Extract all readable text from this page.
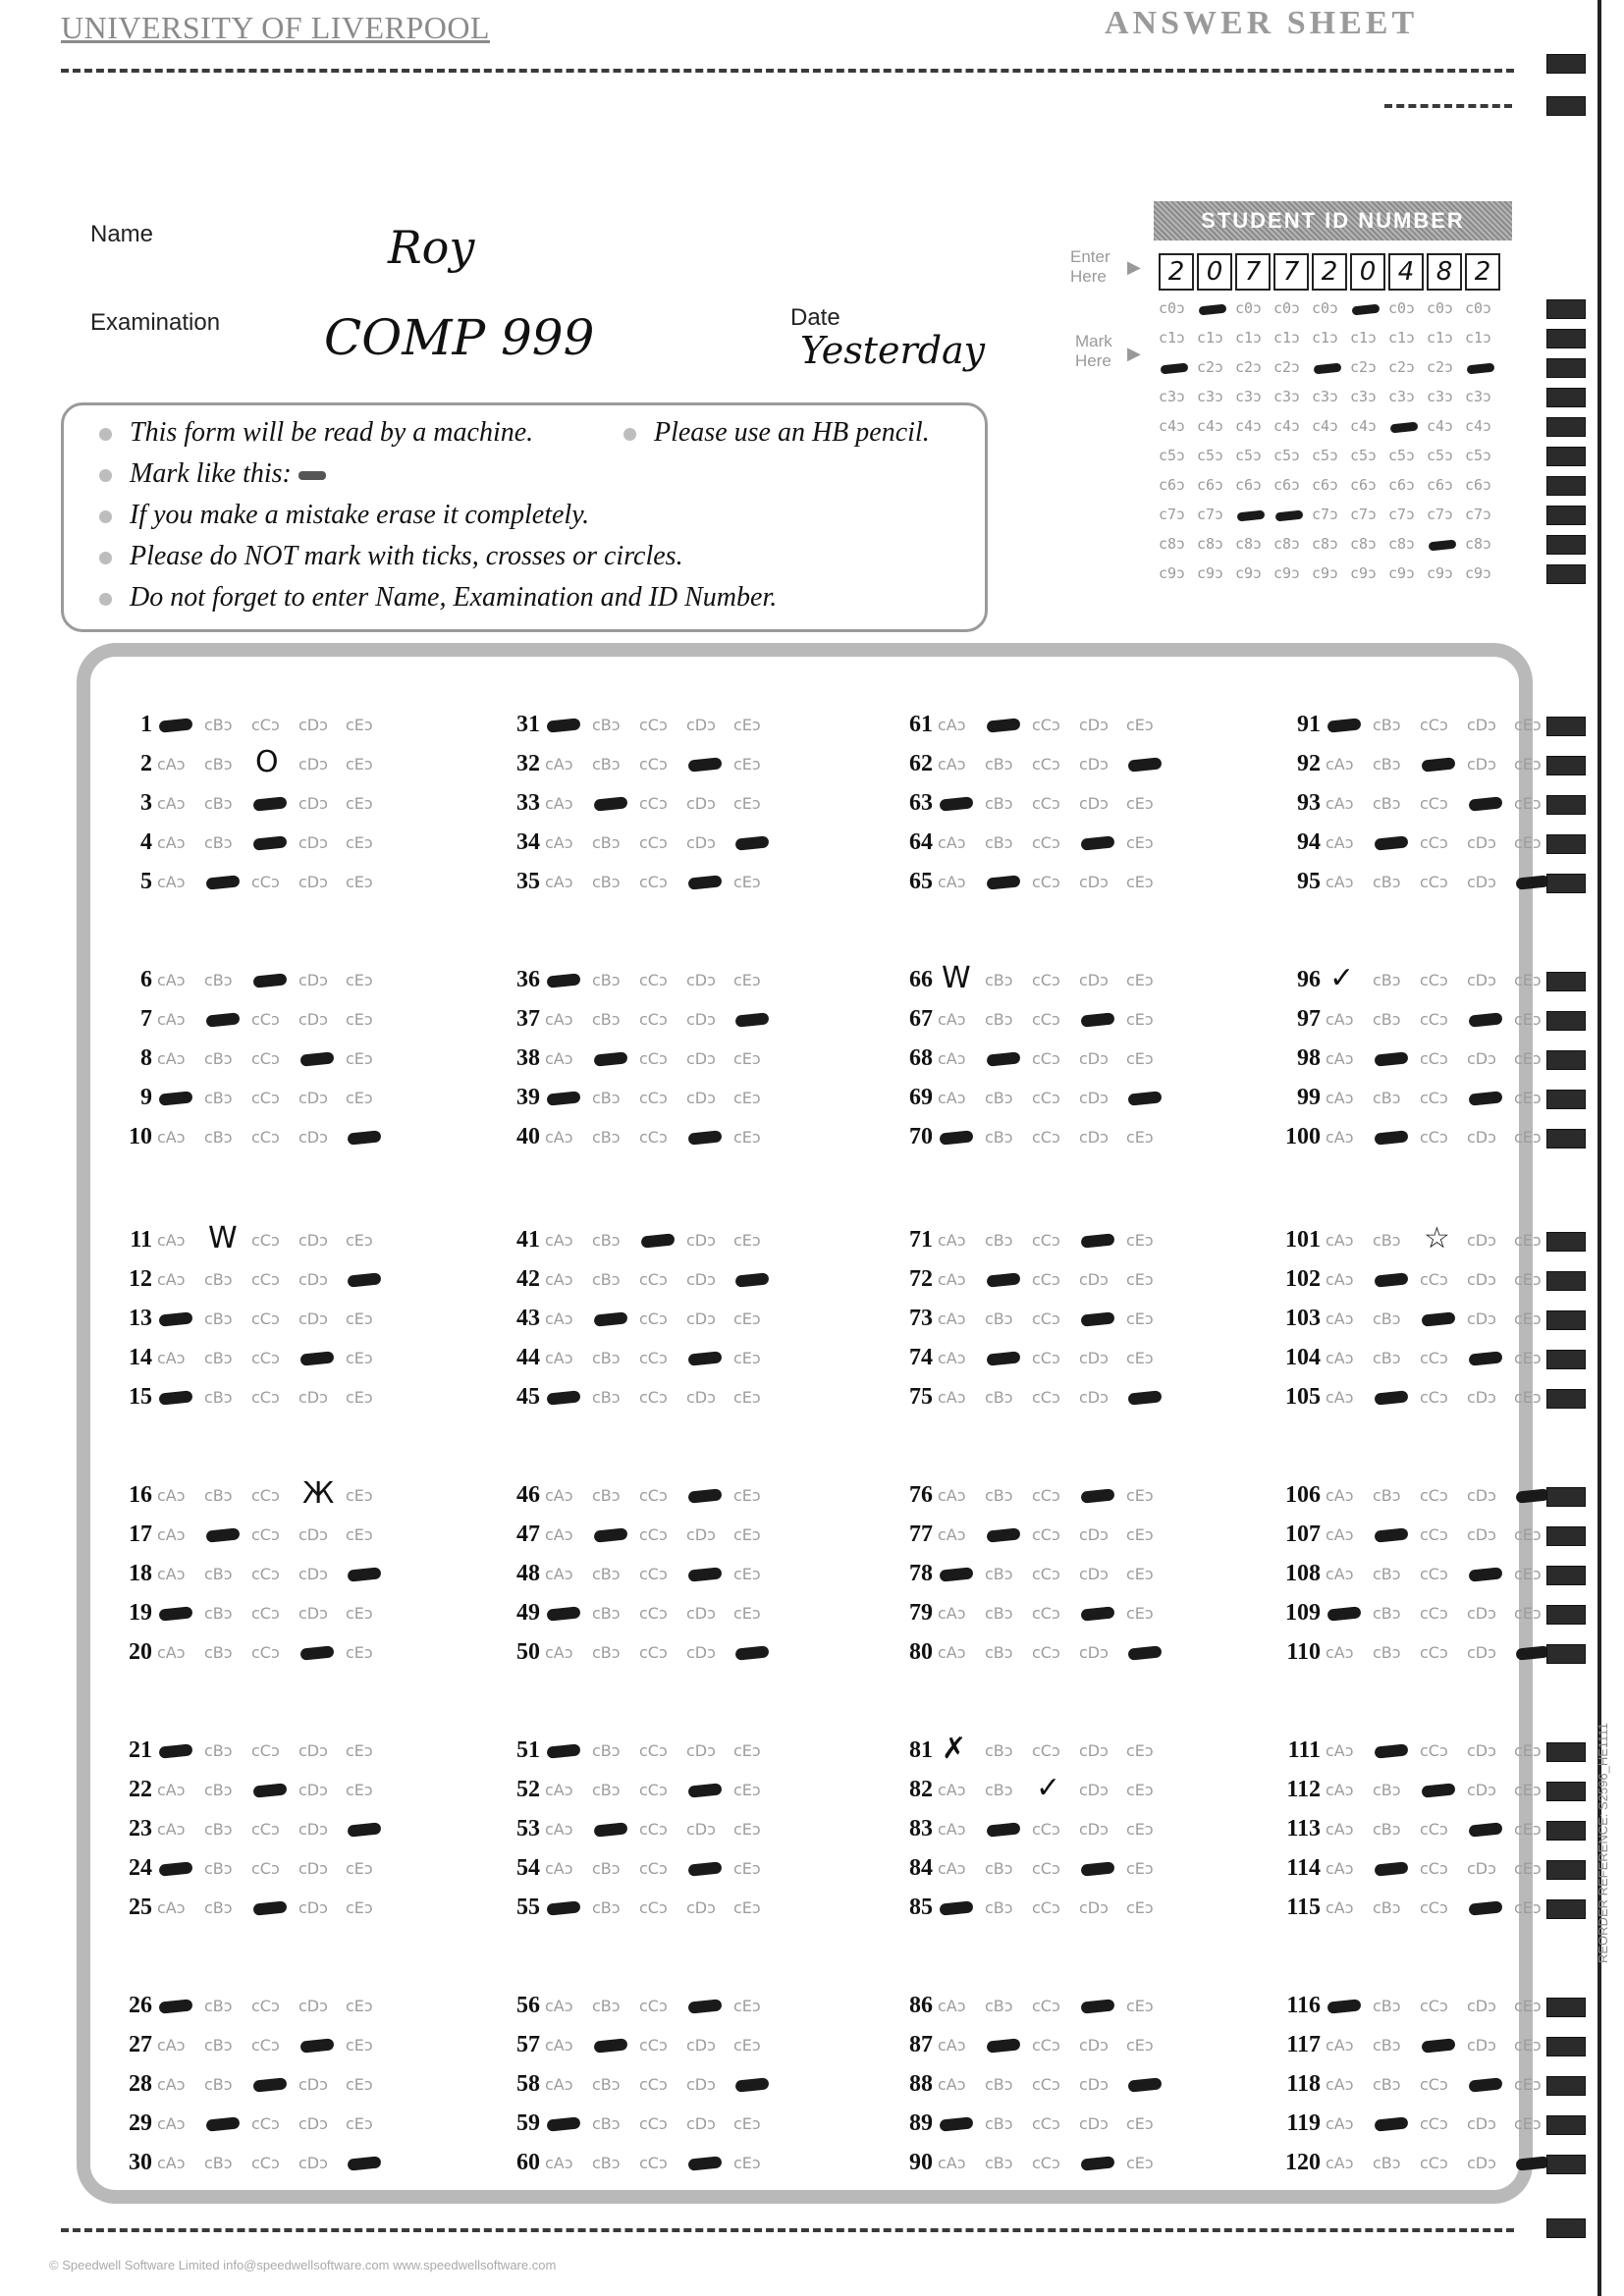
UNIVERSITY OF LIVERPOOL	ANSWER SHEET
Name	Roy
Examination COMP 999	Date
Yesterday
STUDENT ID NUMBER
Enter
Here ▶
Mark
Here ▶
2 0 7 7 2 0 4 8 2
c0ɔ	c0ɔ c0ɔ c0ɔ	c0ɔ c0ɔ c0ɔ
c1ɔ c1ɔ c1ɔ c1ɔ c1ɔ c1ɔ c1ɔ c1ɔ c1ɔ
c2ɔ c2ɔ c2ɔ	c2ɔ c2ɔ c2ɔ
c3ɔ c3ɔ c3ɔ c3ɔ c3ɔ c3ɔ c3ɔ c3ɔ c3ɔ
c4ɔ c4ɔ c4ɔ c4ɔ c4ɔ c4ɔ	c4ɔ c4ɔ
c5ɔ c5ɔ c5ɔ c5ɔ c5ɔ c5ɔ c5ɔ c5ɔ c5ɔ
c6ɔ c6ɔ c6ɔ c6ɔ c6ɔ c6ɔ c6ɔ c6ɔ c6ɔ
c7ɔ c7ɔ	c7ɔ c7ɔ c7ɔ c7ɔ c7ɔ
c8ɔ c8ɔ c8ɔ c8ɔ c8ɔ c8ɔ c8ɔ	c8ɔ
c9ɔ c9ɔ c9ɔ c9ɔ c9ɔ c9ɔ c9ɔ c9ɔ c9ɔ
This form will be read by a machine.	Please use an HB pencil.
Mark like this:
If you make a mistake erase it completely.
Please do NOT mark with ticks, crosses or circles.
Do not forget to enter Name, Examination and ID Number.
1	cBɔ cCɔ cDɔ cEɔ
2 cAɔ cBɔ O cDɔ cEɔ
3 cAɔ cBɔ	cDɔ cEɔ
4 cAɔ cBɔ	cDɔ cEɔ
5 cAɔ	cCɔ cDɔ cEɔ
6 cAɔ cBɔ	cDɔ cEɔ
7 cAɔ	cCɔ cDɔ cEɔ
8 cAɔ cBɔ cCɔ	cEɔ
9	cBɔ cCɔ cDɔ cEɔ
10 cAɔ cBɔ cCɔ cDɔ
11 cAɔ W cCɔ cDɔ cEɔ
12 cAɔ cBɔ cCɔ cDɔ
13	cBɔ cCɔ cDɔ cEɔ
14 cAɔ cBɔ cCɔ	cEɔ
15	cBɔ cCɔ cDɔ cEɔ
16 cAɔ cBɔ cCɔ Ж cEɔ
17 cAɔ	cCɔ cDɔ cEɔ
18 cAɔ cBɔ cCɔ cDɔ
19	cBɔ cCɔ cDɔ cEɔ
20 cAɔ cBɔ cCɔ	cEɔ
21	cBɔ cCɔ cDɔ cEɔ
22 cAɔ cBɔ	cDɔ cEɔ
23 cAɔ cBɔ cCɔ cDɔ
24	cBɔ cCɔ cDɔ cEɔ
25 cAɔ cBɔ	cDɔ cEɔ
26	cBɔ cCɔ cDɔ cEɔ
27 cAɔ cBɔ cCɔ	cEɔ
28 cAɔ cBɔ	cDɔ cEɔ
29 cAɔ	cCɔ cDɔ cEɔ
30 cAɔ cBɔ cCɔ cDɔ
31	cBɔ cCɔ cDɔ cEɔ
32 cAɔ cBɔ cCɔ	cEɔ
33 cAɔ	cCɔ cDɔ cEɔ
34 cAɔ cBɔ cCɔ cDɔ
35 cAɔ cBɔ cCɔ	cEɔ
36	cBɔ cCɔ cDɔ cEɔ
37 cAɔ cBɔ cCɔ cDɔ
38 cAɔ	cCɔ cDɔ cEɔ
39	cBɔ cCɔ cDɔ cEɔ
40 cAɔ cBɔ cCɔ	cEɔ
41 cAɔ cBɔ	cDɔ cEɔ
42 cAɔ cBɔ cCɔ cDɔ
43 cAɔ	cCɔ cDɔ cEɔ
44 cAɔ cBɔ cCɔ	cEɔ
45	cBɔ cCɔ cDɔ cEɔ
46 cAɔ cBɔ cCɔ	cEɔ
47 cAɔ	cCɔ cDɔ cEɔ
48 cAɔ cBɔ cCɔ	cEɔ
49	cBɔ cCɔ cDɔ cEɔ
50 cAɔ cBɔ cCɔ cDɔ
51	cBɔ cCɔ cDɔ cEɔ
52 cAɔ cBɔ cCɔ	cEɔ
53 cAɔ	cCɔ cDɔ cEɔ
54 cAɔ cBɔ cCɔ	cEɔ
55	cBɔ cCɔ cDɔ cEɔ
56 cAɔ cBɔ cCɔ	cEɔ
57 cAɔ	cCɔ cDɔ cEɔ
58 cAɔ cBɔ cCɔ cDɔ
59	cBɔ cCɔ cDɔ cEɔ
60 cAɔ cBɔ cCɔ	cEɔ
61 cAɔ	cCɔ cDɔ cEɔ
62 cAɔ cBɔ cCɔ cDɔ
63	cBɔ cCɔ cDɔ cEɔ
64 cAɔ cBɔ cCɔ	cEɔ
65 cAɔ	cCɔ cDɔ cEɔ
66 W cBɔ cCɔ cDɔ cEɔ
67 cAɔ cBɔ cCɔ	cEɔ
68 cAɔ	cCɔ cDɔ cEɔ
69 cAɔ cBɔ cCɔ cDɔ
70	cBɔ cCɔ cDɔ cEɔ
71 cAɔ cBɔ cCɔ	cEɔ
72 cAɔ	cCɔ cDɔ cEɔ
73 cAɔ cBɔ cCɔ	cEɔ
74 cAɔ	cCɔ cDɔ cEɔ
75 cAɔ cBɔ cCɔ cDɔ
76 cAɔ cBɔ cCɔ	cEɔ
77 cAɔ	cCɔ cDɔ cEɔ
78	cBɔ cCɔ cDɔ cEɔ
79 cAɔ cBɔ cCɔ	cEɔ
80 cAɔ cBɔ cCɔ cDɔ
81 ✗ cBɔ cCɔ cDɔ cEɔ
82 cAɔ cBɔ ✓ cDɔ cEɔ
83 cAɔ	cCɔ cDɔ cEɔ
84 cAɔ cBɔ cCɔ	cEɔ
85	cBɔ cCɔ cDɔ cEɔ
86 cAɔ cBɔ cCɔ	cEɔ
87 cAɔ	cCɔ cDɔ cEɔ
88 cAɔ cBɔ cCɔ cDɔ
89	cBɔ cCɔ cDɔ cEɔ
90 cAɔ cBɔ cCɔ	cEɔ
91	cBɔ cCɔ cDɔ cEɔ
92 cAɔ cBɔ	cDɔ cEɔ
93 cAɔ cBɔ cCɔ	cEɔ
94 cAɔ	cCɔ cDɔ cEɔ
95 cAɔ cBɔ cCɔ cDɔ
96 ✓ cBɔ cCɔ cDɔ cEɔ
97 cAɔ cBɔ cCɔ	cEɔ
98 cAɔ	cCɔ cDɔ cEɔ
99 cAɔ cBɔ cCɔ	cEɔ
100 cAɔ	cCɔ cDɔ cEɔ
101 cAɔ cBɔ ☆ cDɔ cEɔ
102 cAɔ	cCɔ cDɔ cEɔ
103 cAɔ cBɔ	cDɔ cEɔ
104 cAɔ cBɔ cCɔ	cEɔ
105 cAɔ	cCɔ cDɔ cEɔ
106 cAɔ cBɔ cCɔ cDɔ
107 cAɔ	cCɔ cDɔ cEɔ
108 cAɔ cBɔ cCɔ	cEɔ
109	cBɔ cCɔ cDɔ cEɔ
110 cAɔ cBɔ cCɔ cDɔ
111 cAɔ	cCɔ cDɔ cEɔ
112 cAɔ cBɔ	cDɔ cEɔ
113 cAɔ cBɔ cCɔ	cEɔ
114 cAɔ	cCɔ cDɔ cEɔ
115 cAɔ cBɔ cCɔ	cEɔ
116	cBɔ cCɔ cDɔ cEɔ
117 cAɔ cBɔ	cDɔ cEɔ
118 cAɔ cBɔ cCɔ	cEɔ
119 cAɔ	cCɔ cDɔ cEɔ
120 cAɔ cBɔ cCɔ cDɔ
© Speedwell Software Limited info@speedwellsoftware.com www.speedwellsoftware.com
REORDER REFERENCE: S2596_HE1111
